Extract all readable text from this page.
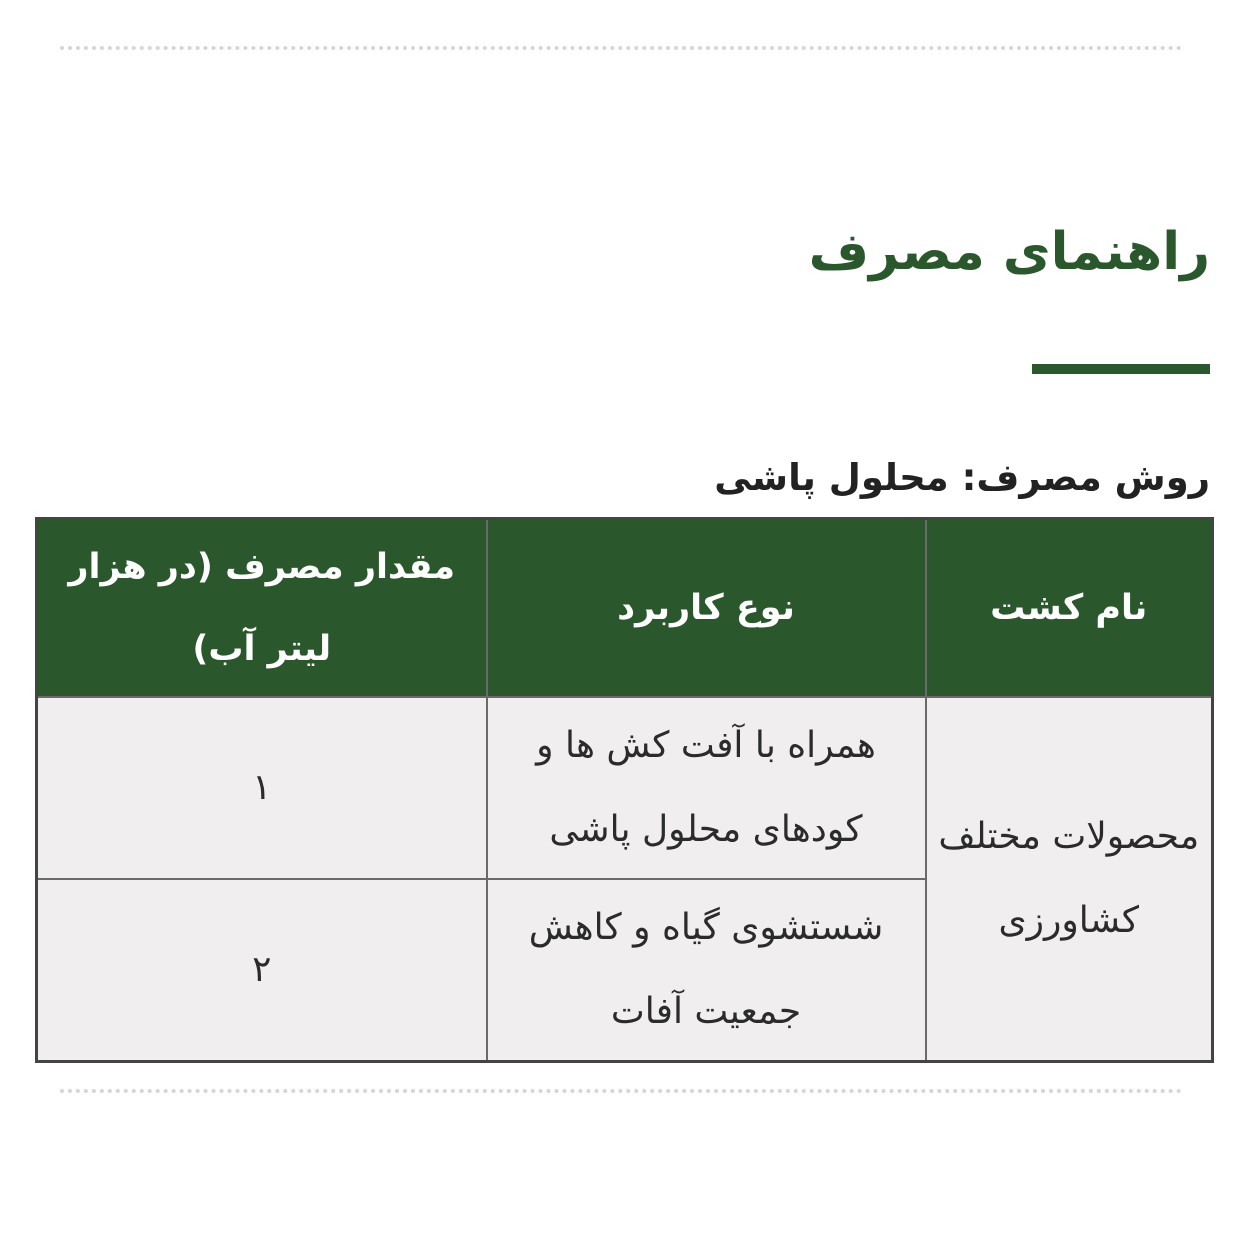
راهنمای مصرف

روش مصرف: محلول پاشی

نام کشت	نوع کاربرد	مقدار مصرف (در هزار لیتر آب)
محصولات مختلف کشاورزی	همراه با آفت کش ها و کودهای محلول پاشی	۱
	شستشوی گیاه و کاهش جمعیت آفات	۲
